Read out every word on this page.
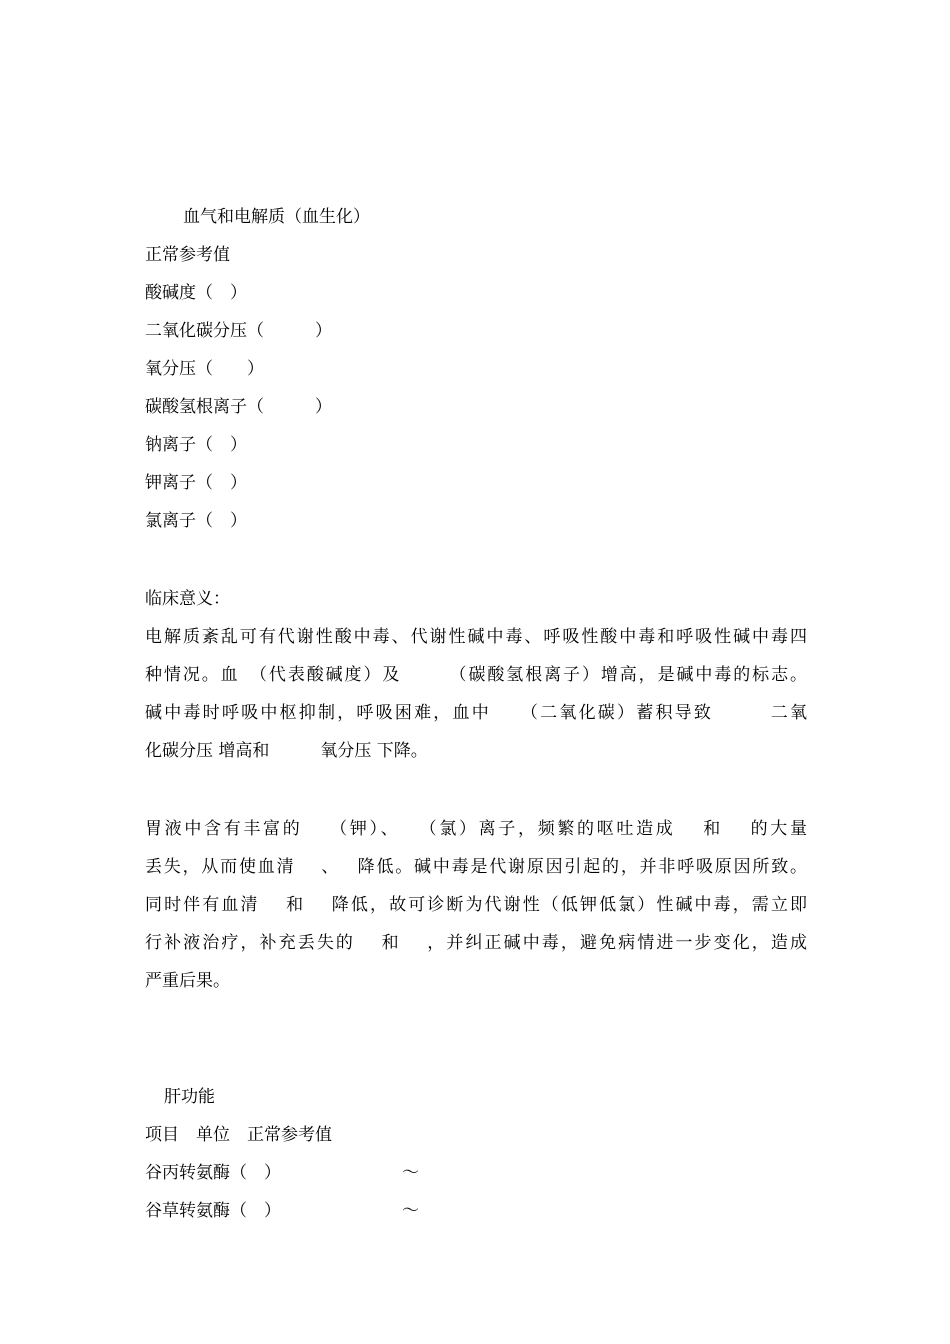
血气和电解质（血生化）
正常参考值
酸碱度（　）
二氧化碳分压（　　　）
氧分压（　　）
碳酸氢根离子（　　　）
钠离子（　）
钾离子（　）
氯离子（　）
临床意义：
电解质紊乱可有代谢性酸中毒、代谢性碱中毒、呼吸性酸中毒和呼吸性碱中毒四
种情况。血　（代表酸碱度）及　　　（碳酸氢根离子）增高，是碱中毒的标志。
碱中毒时呼吸中枢抑制，呼吸困难，血中　　（二氧化碳）蓄积导致　　　二氧
化碳分压 增高和　　　氧分压 下降。
胃液中含有丰富的　 （钾）、　 （氯）离子，频繁的呕吐造成　 和　 的大量
丢失，从而使血清　 、　 降低。碱中毒是代谢原因引起的，并非呼吸原因所致。
同时伴有血清　 和　 降低，故可诊断为代谢性（低钾低氯）性碱中毒，需立即
行补液治疗，补充丢失的　 和　 ，并纠正碱中毒，避免病情进一步变化，造成
严重后果。
肝功能
项目　单位　正常参考值
谷丙转氨酶（　）	～
谷草转氨酶（　）	～
